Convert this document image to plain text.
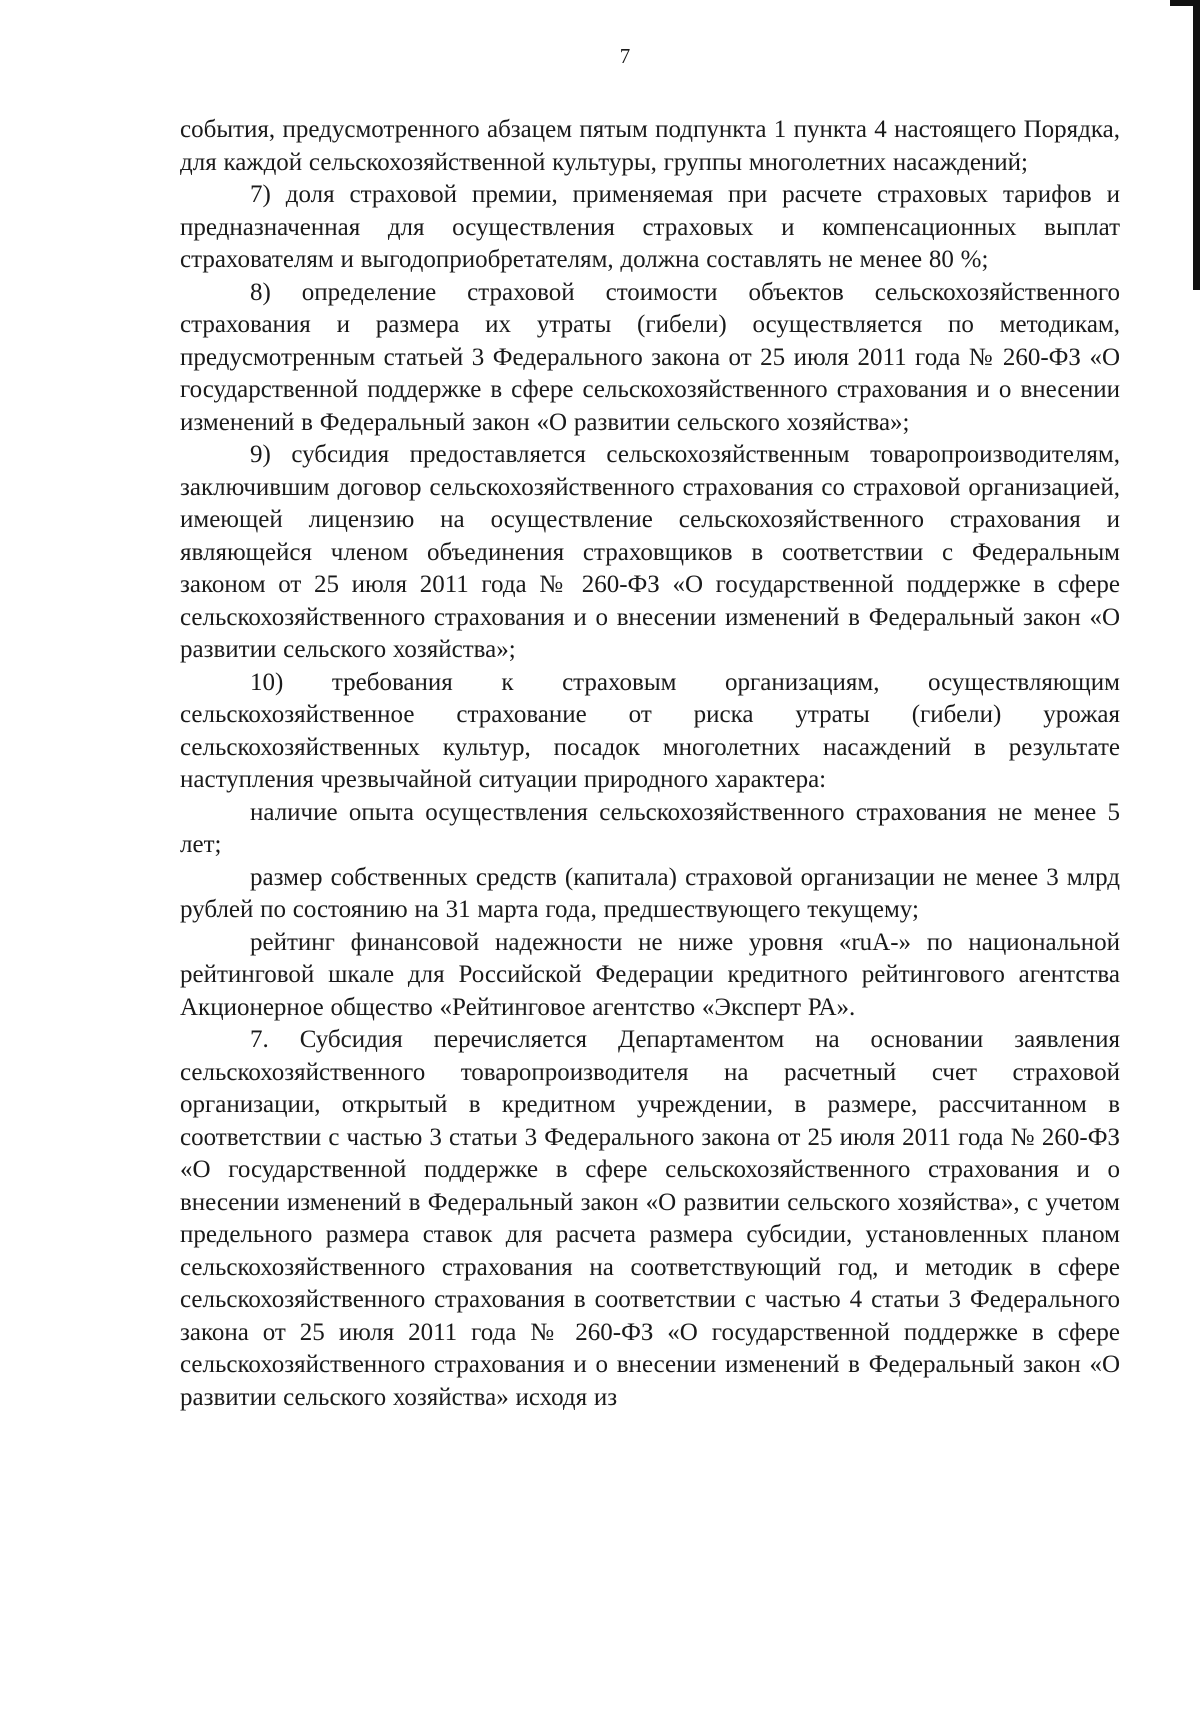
7

события, предусмотренного абзацем пятым подпункта 1 пункта 4 настоящего Порядка, для каждой сельскохозяйственной культуры, группы многолетних насаждений;

7) доля страховой премии, применяемая при расчете страховых тарифов и предназначенная для осуществления страховых и компенсационных выплат страхователям и выгодоприобретателям, должна составлять не менее 80 %;

8) определение страховой стоимости объектов сельскохозяйственного страхования и размера их утраты (гибели) осуществляется по методикам, предусмотренным статьей 3 Федерального закона от 25 июля 2011 года № 260-ФЗ «О государственной поддержке в сфере сельскохозяйственного страхования и о внесении изменений в Федеральный закон «О развитии сельского хозяйства»;

9) субсидия предоставляется сельскохозяйственным товаропроизводителям, заключившим договор сельскохозяйственного страхования со страховой организацией, имеющей лицензию на осуществление сельскохозяйственного страхования и являющейся членом объединения страховщиков в соответствии с Федеральным законом от 25 июля 2011 года № 260-ФЗ «О государственной поддержке в сфере сельскохозяйственного страхования и о внесении изменений в Федеральный закон «О развитии сельского хозяйства»;

10) требования к страховым организациям, осуществляющим сельскохозяйственное страхование от риска утраты (гибели) урожая сельскохозяйственных культур, посадок многолетних насаждений в результате наступления чрезвычайной ситуации природного характера:

наличие опыта осуществления сельскохозяйственного страхования не менее 5 лет;

размер собственных средств (капитала) страховой организации не менее 3 млрд рублей по состоянию на 31 марта года, предшествующего текущему;

рейтинг финансовой надежности не ниже уровня «ruA-» по национальной рейтинговой шкале для Российской Федерации кредитного рейтингового агентства Акционерное общество «Рейтинговое агентство «Эксперт РА».

7. Субсидия перечисляется Департаментом на основании заявления сельскохозяйственного товаропроизводителя на расчетный счет страховой организации, открытый в кредитном учреждении, в размере, рассчитанном в соответствии с частью 3 статьи 3 Федерального закона от 25 июля 2011 года № 260-ФЗ «О государственной поддержке в сфере сельскохозяйственного страхования и о внесении изменений в Федеральный закон «О развитии сельского хозяйства», с учетом предельного размера ставок для расчета размера субсидии, установленных планом сельскохозяйственного страхования на соответствующий год, и методик в сфере сельскохозяйственного страхования в соответствии с частью 4 статьи 3 Федерального закона от 25 июля 2011 года № 260-ФЗ «О государственной поддержке в сфере сельскохозяйственного страхования и о внесении изменений в Федеральный закон «О развитии сельского хозяйства» исходя из
